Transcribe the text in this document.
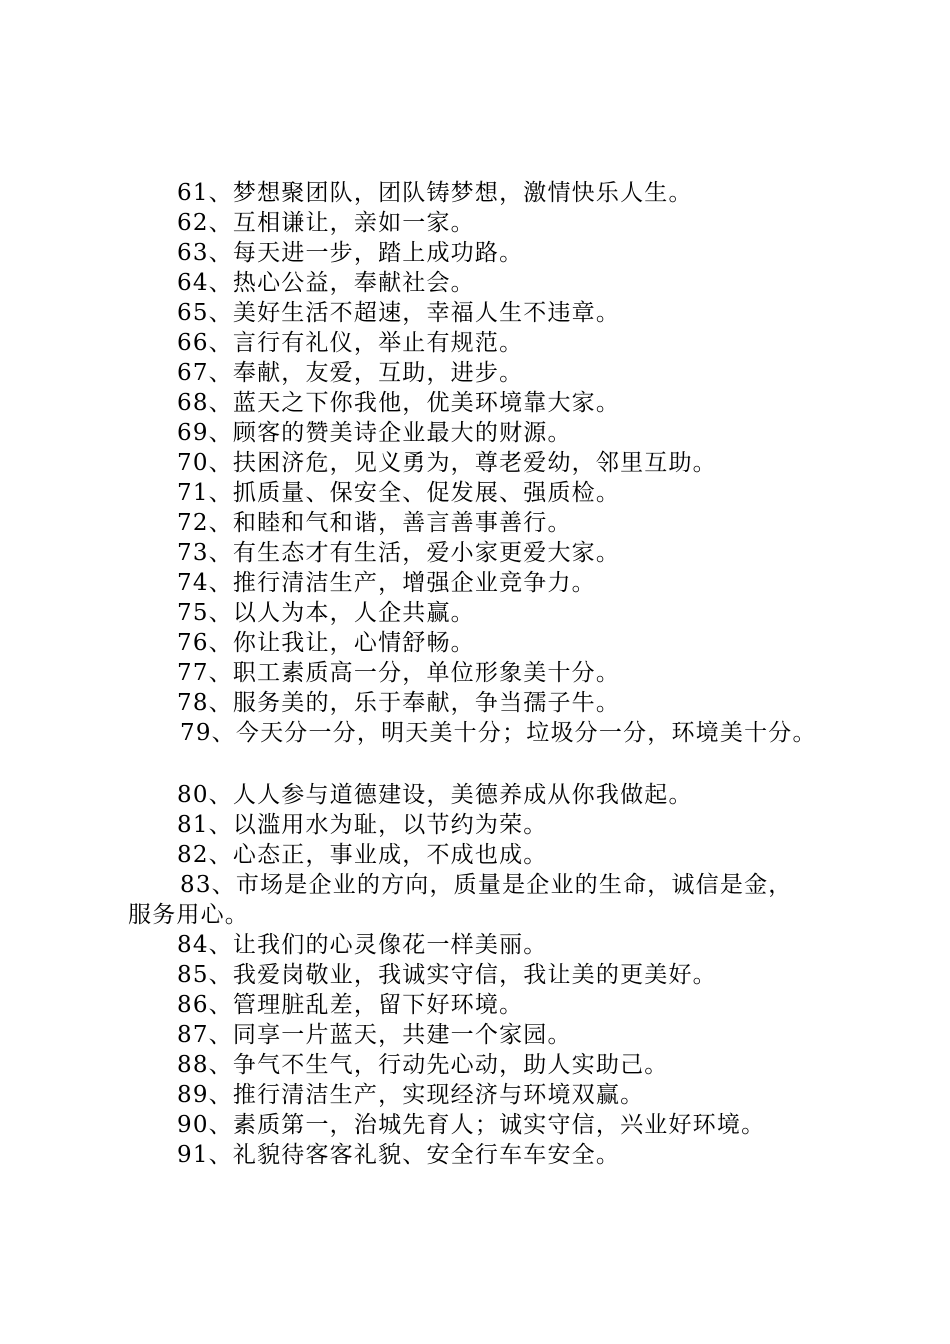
61、梦想聚团队，团队铸梦想，激情快乐人生。
62、互相谦让，亲如一家。
63、每天进一步，踏上成功路。
64、热心公益，奉献社会。
65、美好生活不超速，幸福人生不违章。
66、言行有礼仪，举止有规范。
67、奉献，友爱，互助，进步。
68、蓝天之下你我他，优美环境靠大家。
69、顾客的赞美诗企业最大的财源。
70、扶困济危，见义勇为，尊老爱幼，邻里互助。
71、抓质量、保安全、促发展、强质检。
72、和睦和气和谐，善言善事善行。
73、有生态才有生活，爱小家更爱大家。
74、推行清洁生产，增强企业竞争力。
75、以人为本，人企共赢。
76、你让我让，心情舒畅。
77、职工素质高一分，单位形象美十分。
78、服务美的，乐于奉献，争当孺子牛。
79、今天分一分，明天美十分；垃圾分一分，环境美十分。
80、人人参与道德建设，美德养成从你我做起。
81、以滥用水为耻，以节约为荣。
82、心态正，事业成，不成也成。
83、市场是企业的方向，质量是企业的生命，诚信是金，
服务用心。
84、让我们的心灵像花一样美丽。
85、我爱岗敬业，我诚实守信，我让美的更美好。
86、管理脏乱差，留下好环境。
87、同享一片蓝天，共建一个家园。
88、争气不生气，行动先心动，助人实助己。
89、推行清洁生产，实现经济与环境双赢。
90、素质第一，治城先育人；诚实守信，兴业好环境。
91、礼貌待客客礼貌、安全行车车安全。
